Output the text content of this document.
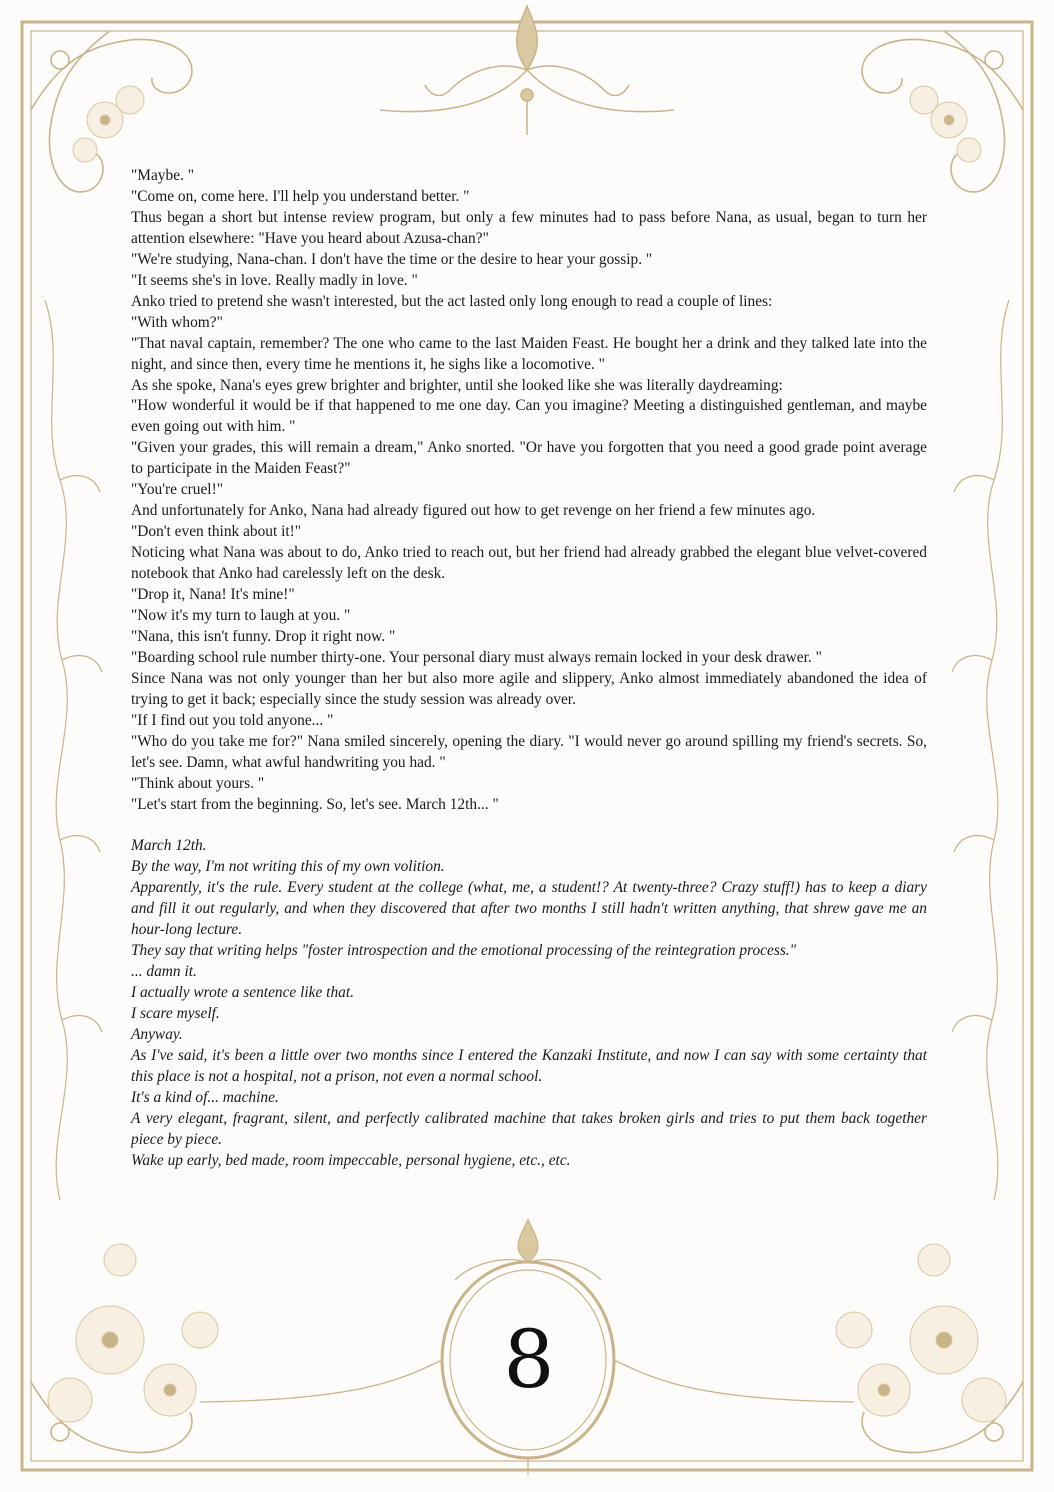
"Maybe. "

"Come on, come here. I'll help you understand better. "

Thus began a short but intense review program, but only a few minutes had to pass before Nana, as usual, began to turn her attention elsewhere: "Have you heard about Azusa-chan?"

"We're studying, Nana-chan. I don't have the time or the desire to hear your gossip. "

"It seems she's in love. Really madly in love. "

Anko tried to pretend she wasn't interested, but the act lasted only long enough to read a couple of lines:

"With whom?"

"That naval captain, remember? The one who came to the last Maiden Feast. He bought her a drink and they talked late into the night, and since then, every time he mentions it, he sighs like a locomotive. "

As she spoke, Nana's eyes grew brighter and brighter, until she looked like she was literally daydreaming:

"How wonderful it would be if that happened to me one day. Can you imagine? Meeting a distinguished gentleman, and maybe even going out with him. "

"Given your grades, this will remain a dream," Anko snorted. "Or have you forgotten that you need a good grade point average to participate in the Maiden Feast?"

"You're cruel!"

And unfortunately for Anko, Nana had already figured out how to get revenge on her friend a few minutes ago.

"Don't even think about it!"

Noticing what Nana was about to do, Anko tried to reach out, but her friend had already grabbed the elegant blue velvet-covered notebook that Anko had carelessly left on the desk.

"Drop it, Nana! It's mine!"

"Now it's my turn to laugh at you. "

"Nana, this isn't funny. Drop it right now. "

"Boarding school rule number thirty-one. Your personal diary must always remain locked in your desk drawer. "

Since Nana was not only younger than her but also more agile and slippery, Anko almost immediately abandoned the idea of trying to get it back; especially since the study session was already over.

"If I find out you told anyone... "

"Who do you take me for?" Nana smiled sincerely, opening the diary. "I would never go around spilling my friend's secrets. So, let's see. Damn, what awful handwriting you had. "

"Think about yours. "

"Let's start from the beginning. So, let's see. March 12th... "

March 12th.

By the way, I'm not writing this of my own volition.

Apparently, it's the rule. Every student at the college (what, me, a student!? At twenty-three? Crazy stuff!) has to keep a diary and fill it out regularly, and when they discovered that after two months I still hadn't written anything, that shrew gave me an hour-long lecture.

They say that writing helps "foster introspection and the emotional processing of the reintegration process."

... damn it.

I actually wrote a sentence like that.

I scare myself.

Anyway.

As I've said, it's been a little over two months since I entered the Kanzaki Institute, and now I can say with some certainty that this place is not a hospital, not a prison, not even a normal school.

It's a kind of... machine.

A very elegant, fragrant, silent, and perfectly calibrated machine that takes broken girls and tries to put them back together piece by piece.

Wake up early, bed made, room impeccable, personal hygiene, etc., etc.

8
